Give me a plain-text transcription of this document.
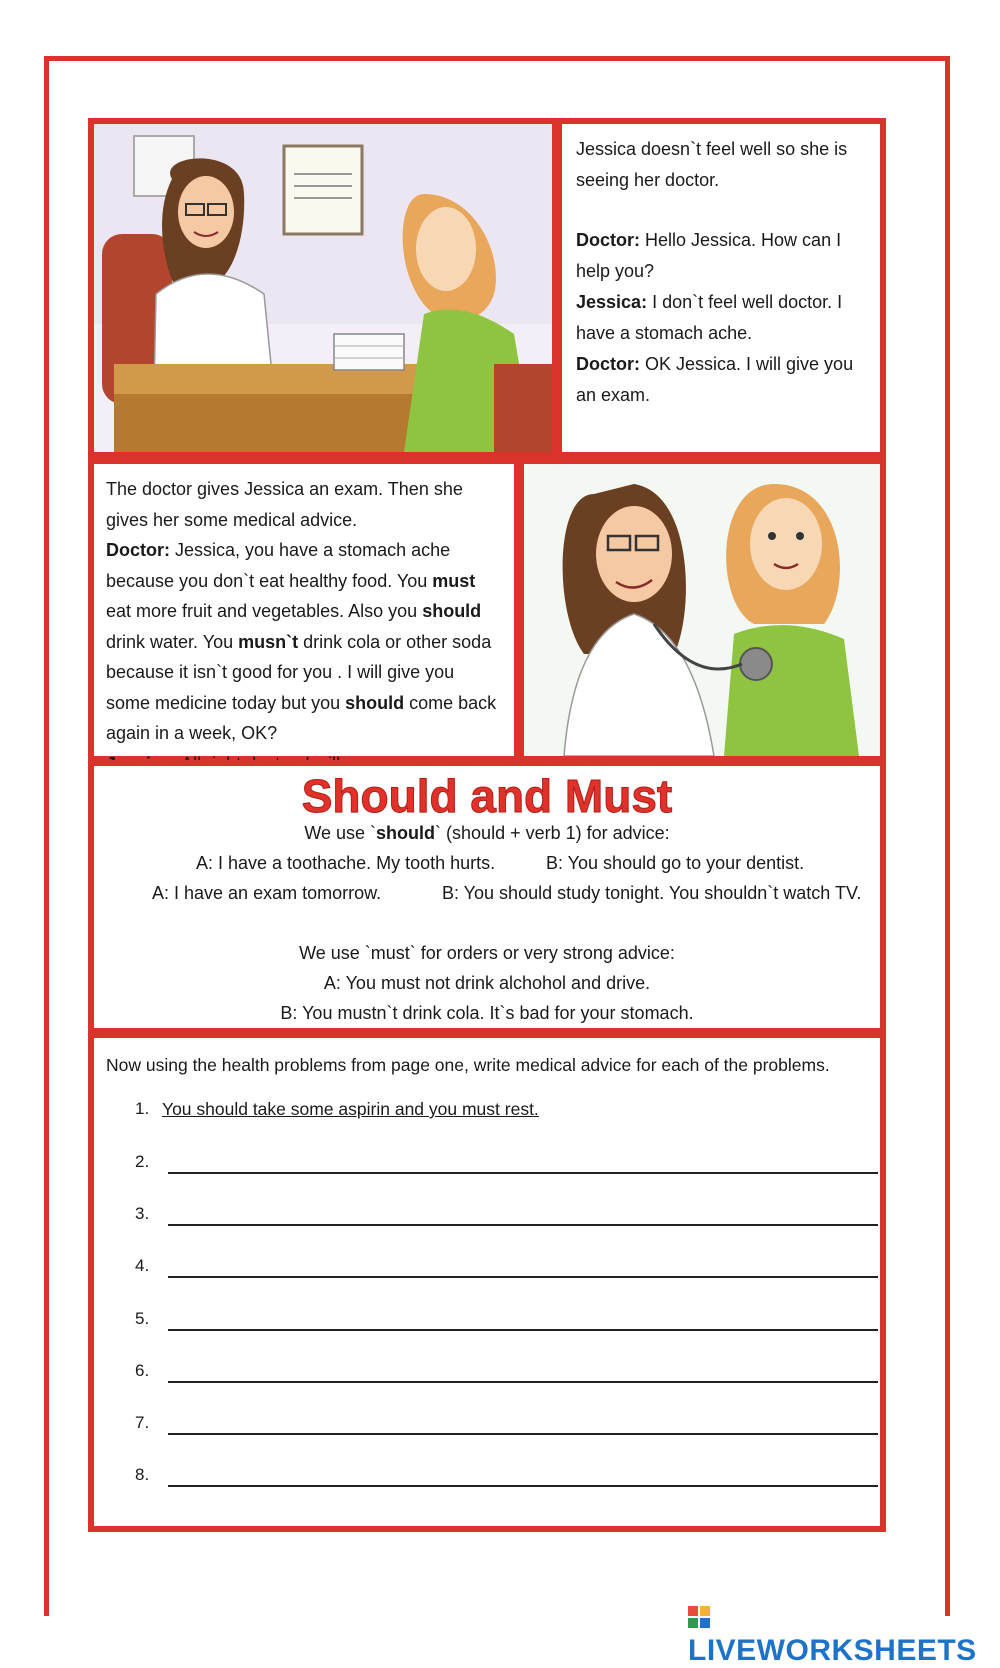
Jessica doesn`t feel well so she is seeing her doctor.
Doctor: Hello Jessica. How can I help you?
Jessica: I don`t feel well doctor. I have a stomach ache.
Doctor: OK Jessica. I will give you an exam.
The doctor gives Jessica an exam. Then she gives her some medical advice.
Doctor: Jessica, you have a stomach ache because you don`t eat healthy food. You must eat more fruit and vegetables. Also you should drink water. You musn`t drink cola or other soda because it isn`t good for you . I will give you some medicine today but you should come back again in a week, OK?

Should and Must
We use `should` (should + verb 1) for advice:
A: I have a toothache. My tooth hurts.	B: You should go to your dentist.
A: I have an exam tomorrow.	B: You should study tonight. You shouldn`t watch TV.
We use `must` for orders or very strong advice:
A: You must not drink alchohol and drive.
B: You mustn`t drink cola. It`s bad for your stomach.
Now using the health problems from page one, write medical advice for each of the problems.
1. You should take some aspirin and you must rest.
2.
3.
4.
5.
6.
7.
8.
LIVEWORKSHEETS
